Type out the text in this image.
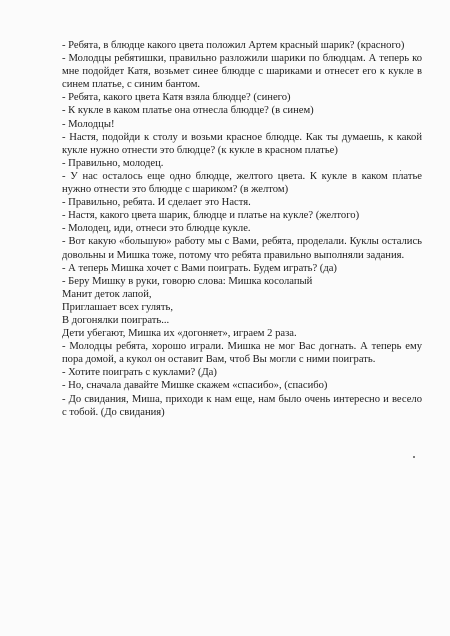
- Ребята, в блюдце какого цвета положил Артем красный шарик? (красного)

- Молодцы ребятишки, правильно разложили шарики по блюдцам. А теперь ко мне подойдет Катя, возьмет синее блюдце с шариками и отнесет его к кукле в синем платье, с синим бантом.

- Ребята, какого цвета Катя взяла блюдце? (синего)

- К кукле в каком платье она отнесла блюдце? (в синем)

- Молодцы!

- Настя, подойди к столу и возьми красное блюдце. Как ты думаешь, к какой кукле нужно отнести это блюдце? (к кукле в красном платье)

- Правильно, молодец.

- У нас осталось еще одно блюдце, желтого цвета. К кукле в каком платье нужно отнести это блюдце с шариком? (в желтом)

- Правильно, ребята. И сделает это Настя.

- Настя, какого цвета шарик, блюдце и платье на кукле? (желтого)

- Молодец, иди, отнеси это блюдце кукле.

- Вот какую «большую» работу мы с Вами, ребята, проделали. Куклы остались довольны и Мишка тоже, потому что ребята правильно выполняли задания.

- А теперь Мишка хочет с Вами поиграть. Будем играть? (да)

- Беру Мишку в руки, говорю слова: Мишка косолапый

Манит деток лапой,

Приглашает всех гулять,

В догонялки поиграть...

Дети убегают, Мишка их «догоняет», играем 2 раза.

- Молодцы ребята, хорошо играли. Мишка не мог Вас догнать. А теперь ему пора домой, а кукол он оставит Вам, чтоб Вы могли с ними поиграть.

- Хотите поиграть с куклами? (Да)

- Но, сначала давайте Мишке скажем «спасибо», (спасибо)

- До свидания, Миша, приходи к нам еще, нам было очень интересно и весело с тобой. (До свидания)
